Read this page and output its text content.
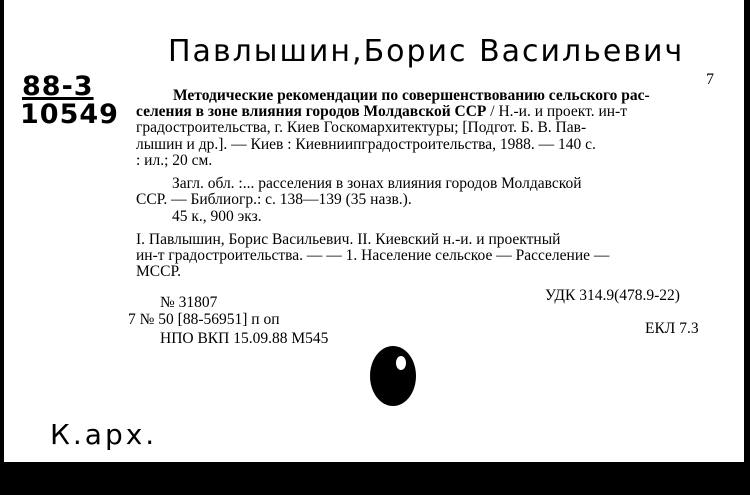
Павлышин,Борис Васильевич
88-3
10549
7
Методические рекомендации по совершенствованию сельского рас-
селения в зоне влияния городов Молдавской ССР / Н.-и. и проект. ин-т
градостроительства, г. Киев Госкомархитектуры; [Подгот. Б. В. Пав-
лышин и др.]. — Киев : Киевниипградостроительства, 1988. — 140 с.
: ил.; 20 см.
Загл. обл. :... расселения в зонах влияния городов Молдавской
ССР. — Библиогр.: с. 138—139 (35 назв.).
45 к., 900 экз.
I. Павлышин, Борис Васильевич. II. Киевский н.-и. и проектный
ин-т градостроительства. — — 1. Население сельское — Расселение —
МССР.
№ 31807	УДК 314.9(478.9-22)
7 № 50 [88-56951] п оп
ЕКЛ 7.3
НПО ВКП 15.09.88 М545
К.арх.
